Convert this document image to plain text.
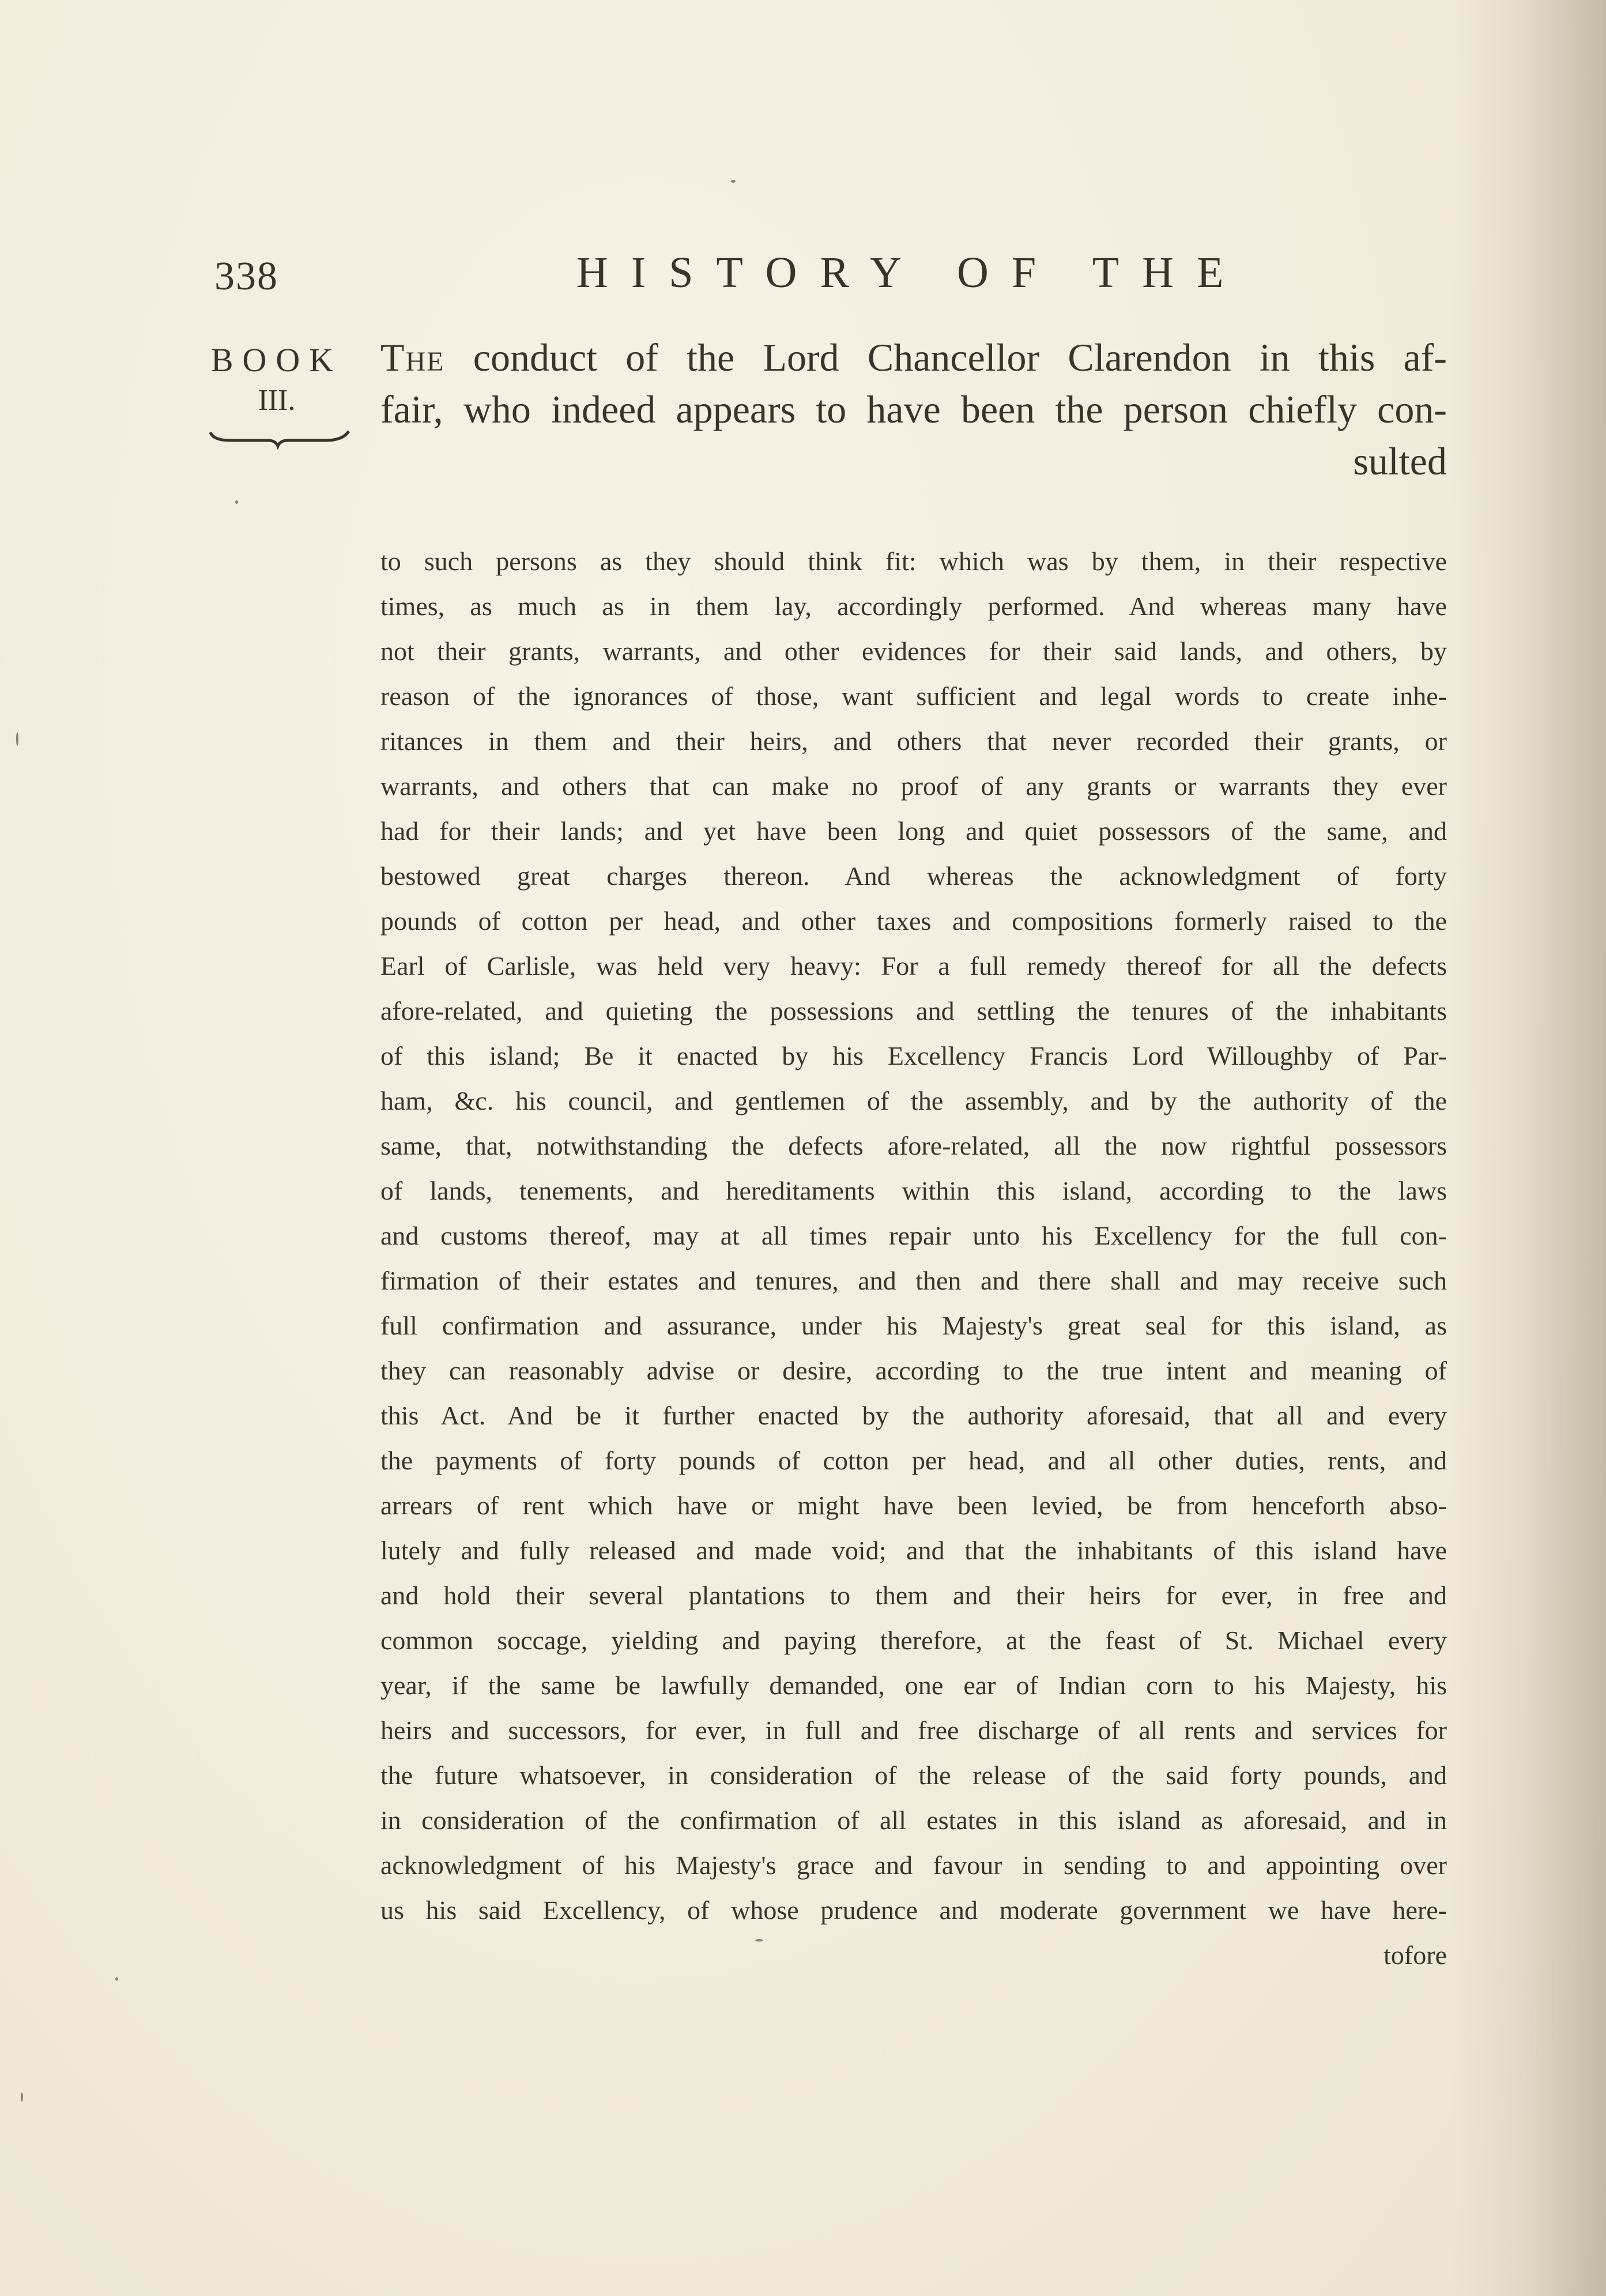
338	HISTORY OF THE
BOOK
III.

The conduct of the Lord Chancellor Clarendon in this af-

fair, who indeed appears to have been the person chiefly con-

sulted

to such persons as they should think fit: which was by them, in their respective

times, as much as in them lay, accordingly performed. And whereas many have

not their grants, warrants, and other evidences for their said lands, and others, by

reason of the ignorances of those, want sufficient and legal words to create inhe-

ritances in them and their heirs, and others that never recorded their grants, or

warrants, and others that can make no proof of any grants or warrants they ever

had for their lands; and yet have been long and quiet possessors of the same, and

bestowed great charges thereon. And whereas the acknowledgment of forty

pounds of cotton per head, and other taxes and compositions formerly raised to the

Earl of Carlisle, was held very heavy: For a full remedy thereof for all the defects

afore-related, and quieting the possessions and settling the tenures of the inhabitants

of this island; Be it enacted by his Excellency Francis Lord Willoughby of Par-

ham, &c. his council, and gentlemen of the assembly, and by the authority of the

same, that, notwithstanding the defects afore-related, all the now rightful possessors

of lands, tenements, and hereditaments within this island, according to the laws

and customs thereof, may at all times repair unto his Excellency for the full con-

firmation of their estates and tenures, and then and there shall and may receive such

full confirmation and assurance, under his Majesty's great seal for this island, as

they can reasonably advise or desire, according to the true intent and meaning of

this Act. And be it further enacted by the authority aforesaid, that all and every

the payments of forty pounds of cotton per head, and all other duties, rents, and

arrears of rent which have or might have been levied, be from henceforth abso-

lutely and fully released and made void; and that the inhabitants of this island have

and hold their several plantations to them and their heirs for ever, in free and

common soccage, yielding and paying therefore, at the feast of St. Michael every

year, if the same be lawfully demanded, one ear of Indian corn to his Majesty, his

heirs and successors, for ever, in full and free discharge of all rents and services for

the future whatsoever, in consideration of the release of the said forty pounds, and

in consideration of the confirmation of all estates in this island as aforesaid, and in

acknowledgment of his Majesty's grace and favour in sending to and appointing over

us his said Excellency, of whose prudence and moderate government we have here-

tofore
